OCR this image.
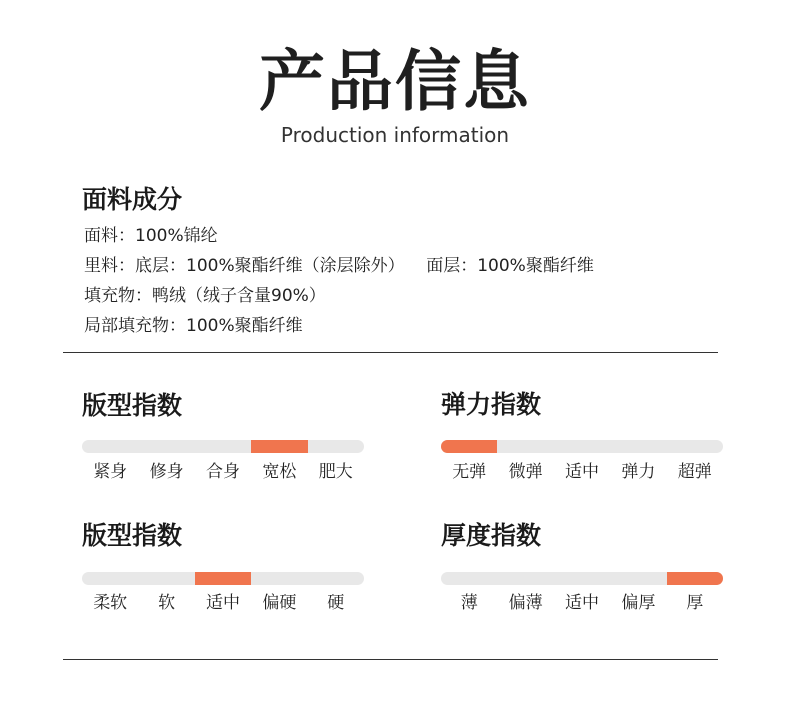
产品信息
Production information
面料成分
面料：100%锦纶
里料：底层：100%聚酯纤维（涂层除外）    面层：100%聚酯纤维
填充物：鸭绒（绒子含量90%）
局部填充物：100%聚酯纤维
版型指数
紧身 修身 合身 宽松 肥大
弹力指数
无弹 微弹 适中 弹力 超弹
版型指数
柔软 软 适中 偏硬 硬
厚度指数
薄 偏薄 适中 偏厚 厚
